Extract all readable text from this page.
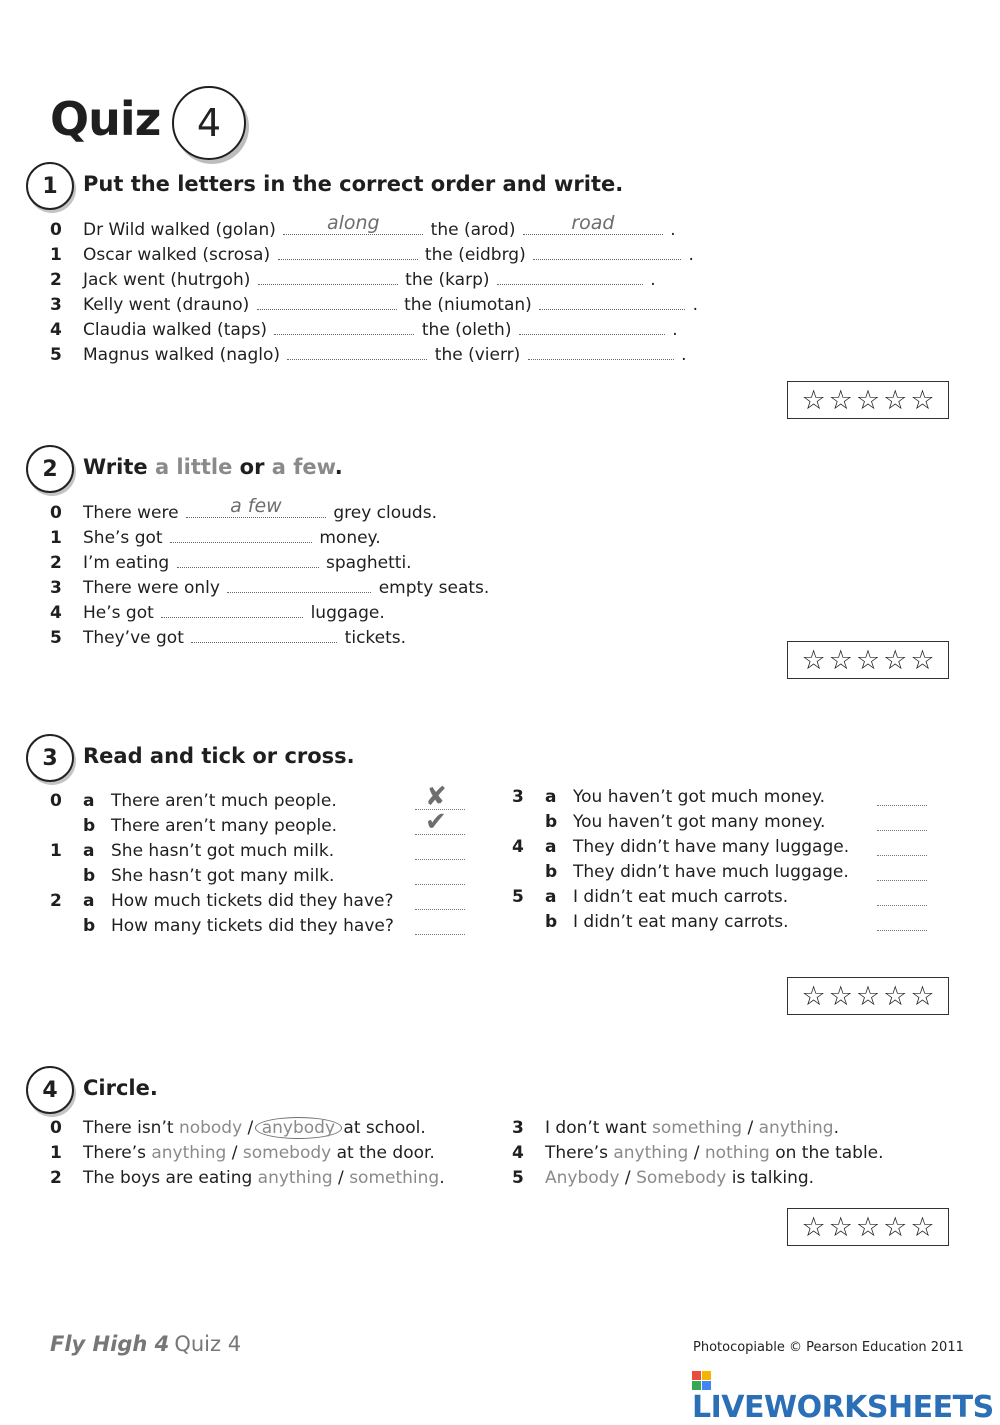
Quiz 4
1	Put the letters in the correct order and write.
0 Dr Wild walked (golan)	along	the (arod)	road	.
1 Oscar walked (scrosa)	the (eidbrg)	.
2 Jack went (hutrgoh)	the (karp)	.
3 Kelly went (drauno)	the (niumotan)	.
4 Claudia walked (taps)	the (oleth)	.
5 Magnus walked (naglo)	the (vierr)	.
☆ ☆ ☆ ☆ ☆
2	Write a little or a few.
0 There were	a few	grey clouds.
1 She’s got	money.
2 I’m eating	spaghetti.
3 There were only	empty seats.
4 He’s got	luggage.
5 They’ve got	tickets.
☆ ☆ ☆ ☆ ☆
3	Read and tick or cross.
0 a There aren’t much people.	✘
b There aren’t many people.	✔
1 a She hasn’t got much milk.
b She hasn’t got many milk.
2 a How much tickets did they have?
b How many tickets did they have?
3 a You haven’t got much money.
b You haven’t got many money.
4 a They didn’t have many luggage.
b They didn’t have much luggage.
5 a I didn’t eat much carrots.
b I didn’t eat many carrots.
☆ ☆ ☆ ☆ ☆
4	Circle.
0 There isn’t nobody / anybody at school.
1 There’s anything / somebody at the door.
2 The boys are eating anything / something.
3 I don’t want something / anything.
4 There’s anything / nothing on the table.
5 Anybody / Somebody is talking.
☆ ☆ ☆ ☆ ☆
Fly High 4 Quiz 4	Photocopiable © Pearson Education 2011
LIVEWORKSHEETS
